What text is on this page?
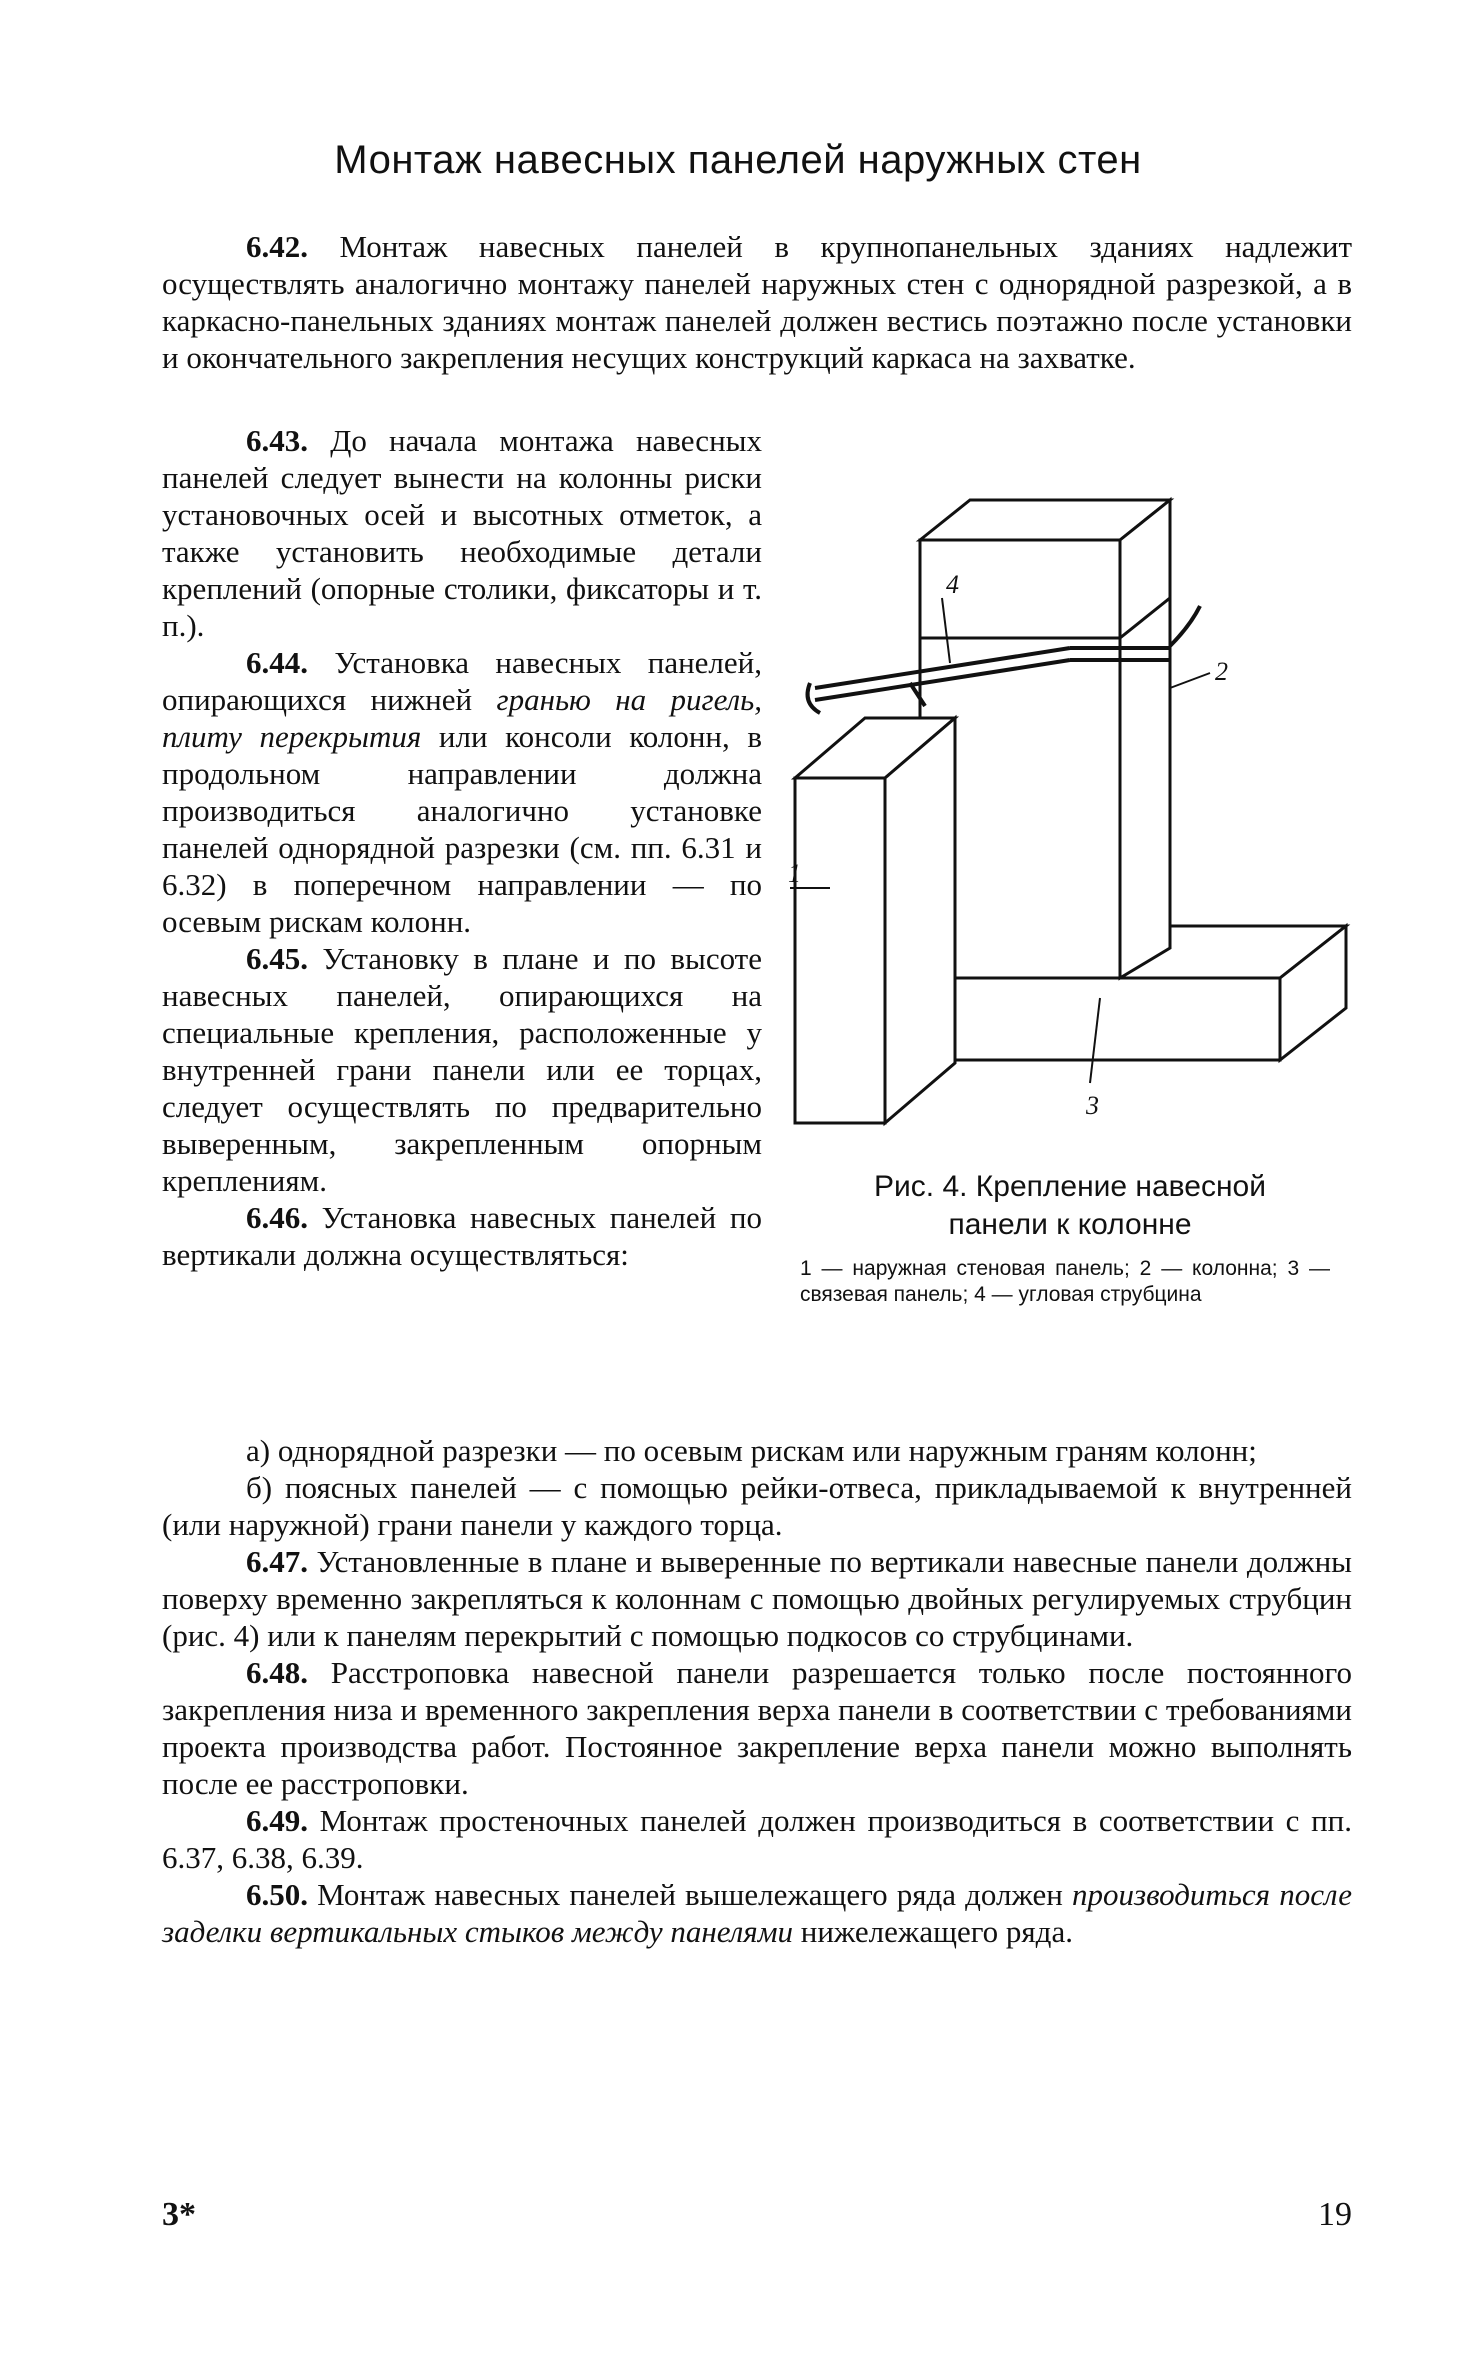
Монтаж навесных панелей наружных стен

6.42. Монтаж навесных панелей в крупнопанельных зданиях надлежит осуществлять аналогично монтажу панелей наружных стен с однорядной разрезкой, а в каркасно-панельных зданиях монтаж панелей должен вестись поэтажно после установки и окончательного закрепления несущих конструкций каркаса на захватке.

6.43. До начала монтажа навесных панелей следует вынести на колонны риски установочных осей и высотных отметок, а также установить необходимые детали креплений (опорные столики, фиксаторы и т. п.).

6.44. Установка навесных панелей, опирающихся нижней гранью на ригель, плиту перекрытия или консоли колонн, в продольном направлении должна производиться аналогично установке панелей однорядной разрезки (см. пп. 6.31 и 6.32) в поперечном направлении — по осевым рискам колонн.

6.45. Установку в плане и по высоте навесных панелей, опирающихся на специальные крепления, расположенные у внутренней грани панели или ее торцах, следует осуществлять по предварительно выверенным, закрепленным опорным креплениям.

6.46. Установка навесных панелей по вертикали должна осуществляться:

1
2
3
4
Рис. 4. Крепление навесной
панели к колонне
1 — наружная стеновая панель; 2 — колонна; 3 — связевая панель; 4 — угловая струбцина

а) однорядной разрезки — по осевым рискам или наружным граням колонн;

б) поясных панелей — с помощью рейки-отвеса, прикладываемой к внутренней (или наружной) грани панели у каждого торца.

6.47. Установленные в плане и выверенные по вертикали навесные панели должны поверху временно закрепляться к колоннам с помощью двойных регулируемых струбцин (рис. 4) или к панелям перекрытий с помощью подкосов со струбцинами.

6.48. Расстроповка навесной панели разрешается только после постоянного закрепления низа и временного закрепления верха панели в соответствии с требованиями проекта производства работ. Постоянное закрепление верха панели можно выполнять после ее расстроповки.

6.49. Монтаж простеночных панелей должен производиться в соответствии с пп. 6.37, 6.38, 6.39.

6.50. Монтаж навесных панелей вышележащего ряда должен производиться после заделки вертикальных стыков между панелями нижележащего ряда.

3*	19
